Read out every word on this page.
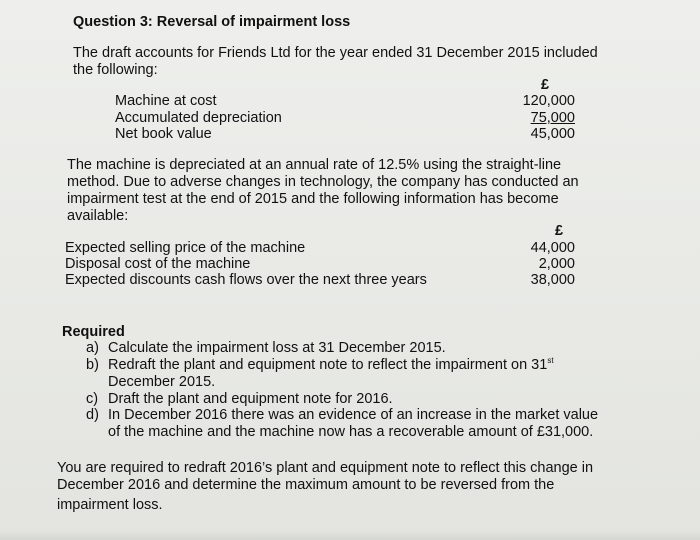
Question 3: Reversal of impairment loss
The draft accounts for Friends Ltd for the year ended 31 December 2015 included
the following:
£
Machine at cost	120,000
Accumulated depreciation	75,000
Net book value	45,000
The machine is depreciated at an annual rate of 12.5% using the straight-line
method. Due to adverse changes in technology, the company has conducted an
impairment test at the end of 2015 and the following information has become
available:
£
Expected selling price of the machine	44,000
Disposal cost of the machine	2,000
Expected discounts cash flows over the next three years	38,000
Required
a) Calculate the impairment loss at 31 December 2015.
b) Redraft the plant and equipment note to reflect the impairment on 31st
December 2015.
c) Draft the plant and equipment note for 2016.
d) In December 2016 there was an evidence of an increase in the market value
of the machine and the machine now has a recoverable amount of £31,000.
You are required to redraft 2016’s plant and equipment note to reflect this change in
December 2016 and determine the maximum amount to be reversed from the
impairment loss.
